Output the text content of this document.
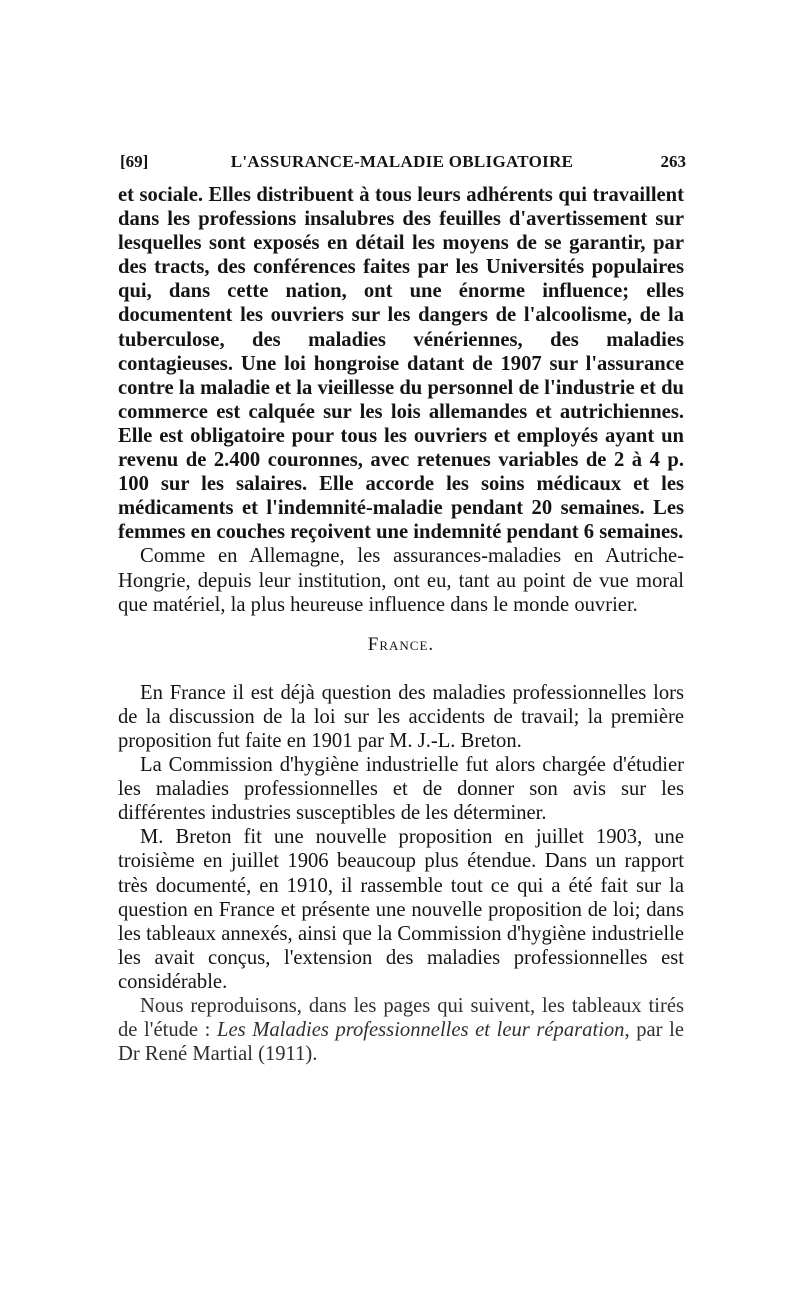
[69]	L'ASSURANCE-MALADIE OBLIGATOIRE	263

et sociale. Elles distribuent à tous leurs adhérents qui travaillent dans les professions insalubres des feuilles d'avertissement sur lesquelles sont exposés en détail les moyens de se garantir, par des tracts, des conférences faites par les Universités populaires qui, dans cette nation, ont une énorme influence; elles documentent les ouvriers sur les dangers de l'alcoolisme, de la tuberculose, des maladies vénériennes, des maladies contagieuses. Une loi hongroise datant de 1907 sur l'assurance contre la maladie et la vieillesse du personnel de l'industrie et du commerce est calquée sur les lois allemandes et autrichiennes. Elle est obligatoire pour tous les ouvriers et employés ayant un revenu de 2.400 couronnes, avec retenues variables de 2 à 4 p. 100 sur les salaires. Elle accorde les soins médicaux et les médicaments et l'indemnité-maladie pendant 20 semaines. Les femmes en couches reçoivent une indemnité pendant 6 semaines.

Comme en Allemagne, les assurances-maladies en Autriche-Hongrie, depuis leur institution, ont eu, tant au point de vue moral que matériel, la plus heureuse influence dans le monde ouvrier.

France.

En France il est déjà question des maladies professionnelles lors de la discussion de la loi sur les accidents de travail; la première proposition fut faite en 1901 par M. J.-L. Breton.

La Commission d'hygiène industrielle fut alors chargée d'étudier les maladies professionnelles et de donner son avis sur les différentes industries susceptibles de les déterminer.

M. Breton fit une nouvelle proposition en juillet 1903, une troisième en juillet 1906 beaucoup plus étendue. Dans un rapport très documenté, en 1910, il rassemble tout ce qui a été fait sur la question en France et présente une nouvelle proposition de loi; dans les tableaux annexés, ainsi que la Commission d'hygiène industrielle les avait conçus, l'extension des maladies professionnelles est considérable.

Nous reproduisons, dans les pages qui suivent, les tableaux tirés de l'étude : Les Maladies professionnelles et leur réparation, par le Dr René Martial (1911).
